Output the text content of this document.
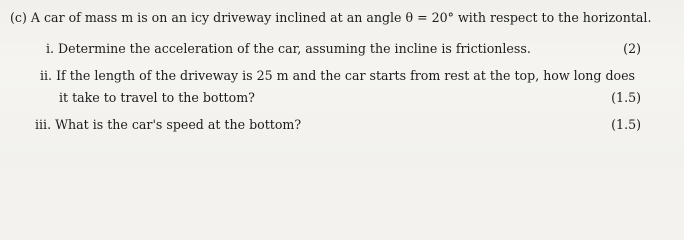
(c) A car of mass m is on an icy driveway inclined at an angle θ = 20° with respect to the horizontal.
i. Determine the acceleration of the car, assuming the incline is frictionless.	(2)
ii. If the length of the driveway is 25 m and the car starts from rest at the top, how long does
it take to travel to the bottom?	(1.5)
iii. What is the car's speed at the bottom?	(1.5)
